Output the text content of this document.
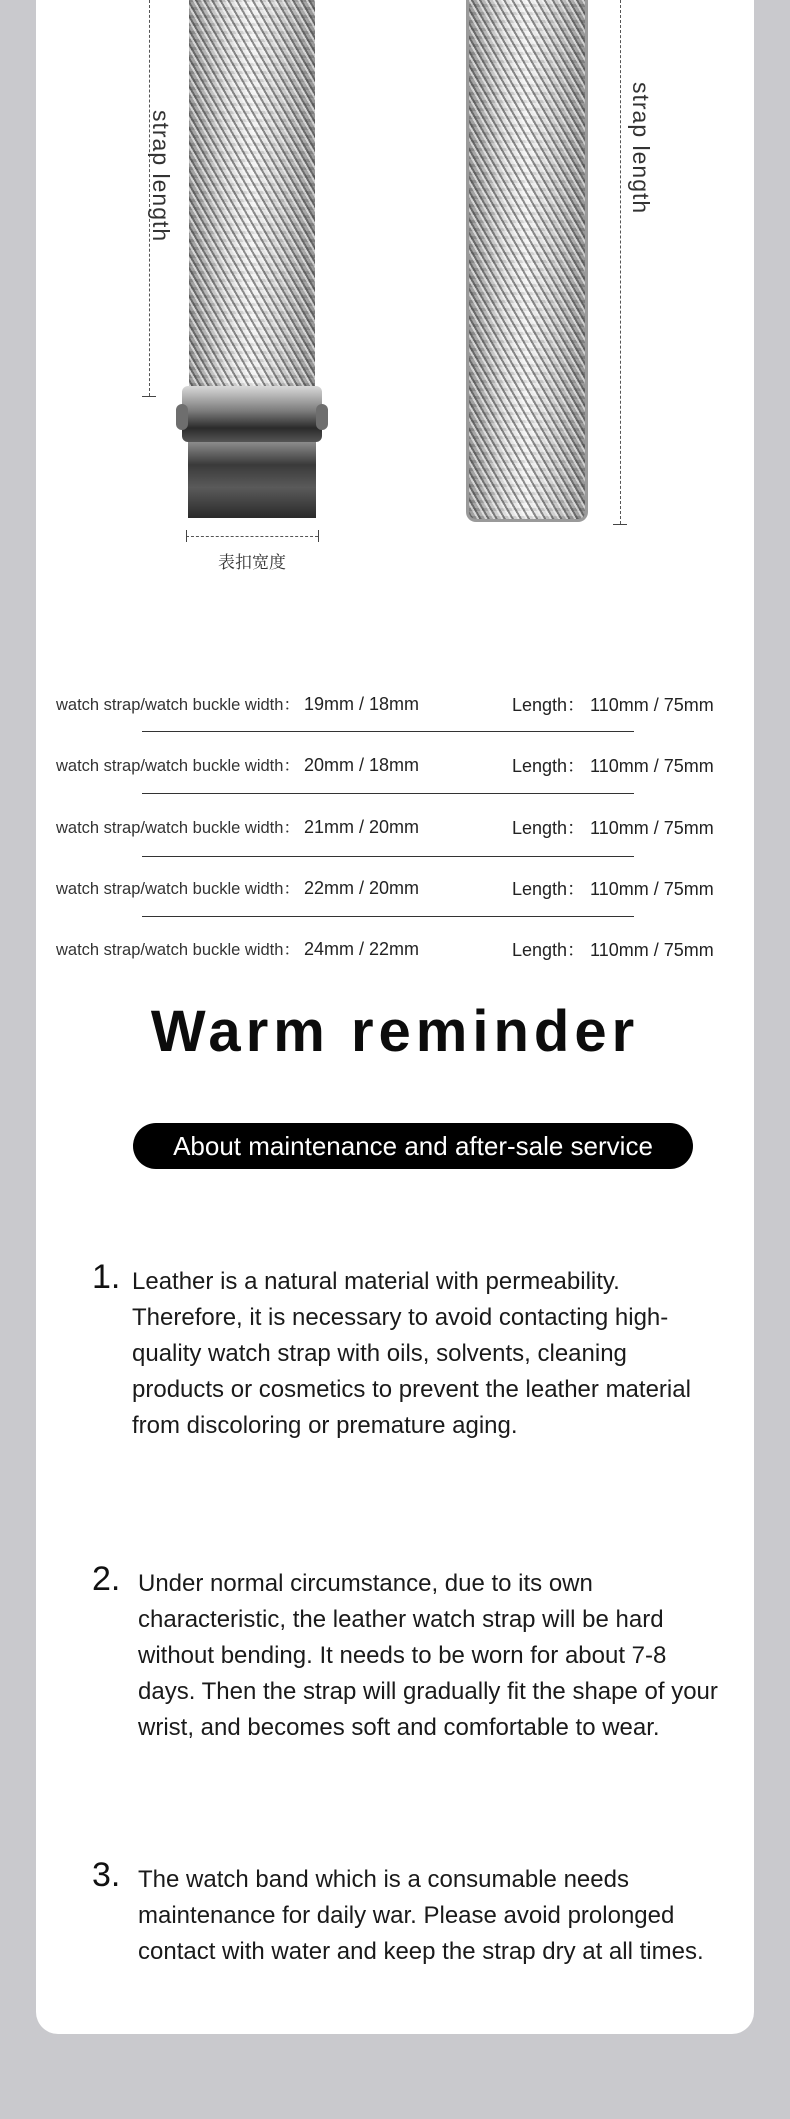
strap length
表扣宽度
strap length
watch strap/watch buckle width： 19mm / 18mm	Length： 110mm / 75mm
watch strap/watch buckle width： 20mm / 18mm	Length： 110mm / 75mm
watch strap/watch buckle width： 21mm / 20mm	Length： 110mm / 75mm
watch strap/watch buckle width： 22mm / 20mm	Length： 110mm / 75mm
watch strap/watch buckle width： 24mm / 22mm	Length： 110mm / 75mm
Warm reminder
About maintenance and after-sale service
1. Leather is a natural material with permeability. Therefore, it is necessary to avoid contacting high-quality watch strap with oils, solvents, cleaning products or cosmetics to prevent the leather material from discoloring or premature aging.
2. Under normal circumstance, due to its own characteristic, the leather watch strap will be hard without bending. It needs to be worn for about 7-8 days. Then the strap will gradually fit the shape of your wrist, and becomes soft and comfortable to wear.
3. The watch band which is a consumable needs maintenance for daily war. Please avoid prolonged contact with water and keep the strap dry at all times.
